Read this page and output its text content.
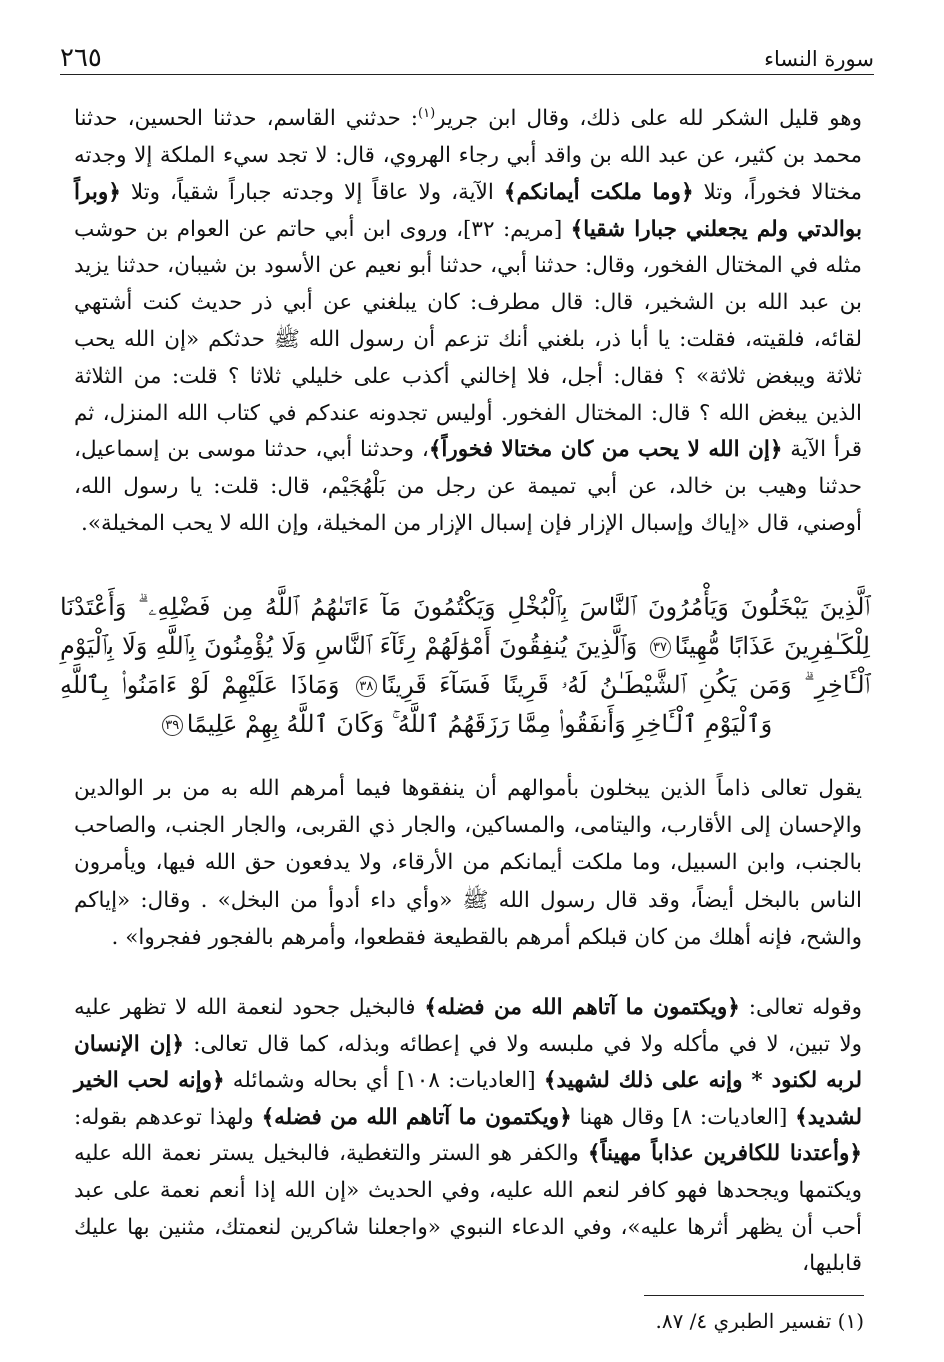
سورة النساء
٢٦٥

وهو قليل الشكر لله على ذلك، وقال ابن جرير$^{(١)}$: حدثني القاسم، حدثنا الحسين، حدثنا محمد بن كثير، عن عبد الله بن واقد أبي رجاء الهروي، قال: لا تجد سيء الملكة إلا وجدته مختالا فخوراً، وتلا ﴿وما ملكت أيمانكم﴾ الآية، ولا عاقاً إلا وجدته جباراً شقياً، وتلا ﴿وبراً بوالدتي ولم يجعلني جبارا شقيا﴾ [مريم: ٣٢]، وروى ابن أبي حاتم عن العوام بن حوشب مثله في المختال الفخور، وقال: حدثنا أبي، حدثنا أبو نعيم عن الأسود بن شيبان، حدثنا يزيد بن عبد الله بن الشخير، قال: قال مطرف: كان يبلغني عن أبي ذر حديث كنت أشتهي لقائه، فلقيته، فقلت: يا أبا ذر، بلغني أنك تزعم أن رسول الله ﷺ حدثكم «إن الله يحب ثلاثة ويبغض ثلاثة» ؟ فقال: أجل، فلا إخالني أكذب على خليلي ثلاثا ؟ قلت: من الثلاثة الذين يبغض الله ؟ قال: المختال الفخور. أوليس تجدونه عندكم في كتاب الله المنزل، ثم قرأ الآية ﴿إن الله لا يحب من كان مختالا فخوراً﴾، وحدثنا أبي، حدثنا موسى بن إسماعيل، حدثنا وهيب بن خالد، عن أبي تميمة عن رجل من بَلْهُجَيْم، قال: قلت: يا رسول الله، أوصني، قال «إياك وإسبال الإزار فإن إسبال الإزار من المخيلة، وإن الله لا يحب المخيلة».

ٱلَّذِينَ يَبْخَلُونَ وَيَأْمُرُونَ ٱلنَّاسَ بِٱلْبُخْلِ وَيَكْتُمُونَ مَآ ءَاتَىٰهُمُ ٱللَّهُ مِن فَضْلِهِۦ ۗ وَأَعْتَدْنَا لِلْكَـٰفِرِينَ عَذَابًا مُّهِينًا٣٧ وَٱلَّذِينَ يُنفِقُونَ أَمْوَٰلَهُمْ رِئَآءَ ٱلنَّاسِ وَلَا يُؤْمِنُونَ بِٱللَّهِ وَلَا بِٱلْيَوْمِ ٱلْـَٔاخِرِ ۗ وَمَن يَكُنِ ٱلشَّيْطَـٰنُ لَهُۥ قَرِينًا فَسَآءَ قَرِينًا٣٨ وَمَاذَا عَلَيْهِمْ لَوْ ءَامَنُوا۟ بِٱللَّهِ وَٱلْيَوْمِ ٱلْـَٔاخِرِ وَأَنفَقُوا۟ مِمَّا رَزَقَهُمُ ٱللَّهُ ۚ وَكَانَ ٱللَّهُ بِهِمْ عَلِيمًا٣٩

يقول تعالى ذاماً الذين يبخلون بأموالهم أن ينفقوها فيما أمرهم الله به من بر الوالدين والإحسان إلى الأقارب، واليتامى، والمساكين، والجار ذي القربى، والجار الجنب، والصاحب بالجنب، وابن السبيل، وما ملكت أيمانكم من الأرقاء، ولا يدفعون حق الله فيها، ويأمرون الناس بالبخل أيضاً، وقد قال رسول الله ﷺ «وأي داء أدوأ من البخل» . وقال: «إياكم والشح، فإنه أهلك من كان قبلكم أمرهم بالقطيعة فقطعوا، وأمرهم بالفجور ففجروا» .

وقوله تعالى: ﴿ويكتمون ما آتاهم الله من فضله﴾ فالبخيل جحود لنعمة الله لا تظهر عليه ولا تبين، لا في مأكله ولا في ملبسه ولا في إعطائه وبذله، كما قال تعالى: ﴿إن الإنسان لربه لكنود * وإنه على ذلك لشهيد﴾ [العاديات: ١٠٨] أي بحاله وشمائله ﴿وإنه لحب الخير لشديد﴾ [العاديات: ٨] وقال ههنا ﴿ويكتمون ما آتاهم الله من فضله﴾ ولهذا توعدهم بقوله: ﴿وأعتدنا للكافرين عذاباً مهيناً﴾ والكفر هو الستر والتغطية، فالبخيل يستر نعمة الله عليه ويكتمها ويجحدها فهو كافر لنعم الله عليه، وفي الحديث «إن الله إذا أنعم نعمة على عبد أحب أن يظهر أثرها عليه»، وفي الدعاء النبوي «واجعلنا شاكرين لنعمتك، مثنين بها عليك قابليها،

(١) تفسير الطبري ٤/ ٨٧.
